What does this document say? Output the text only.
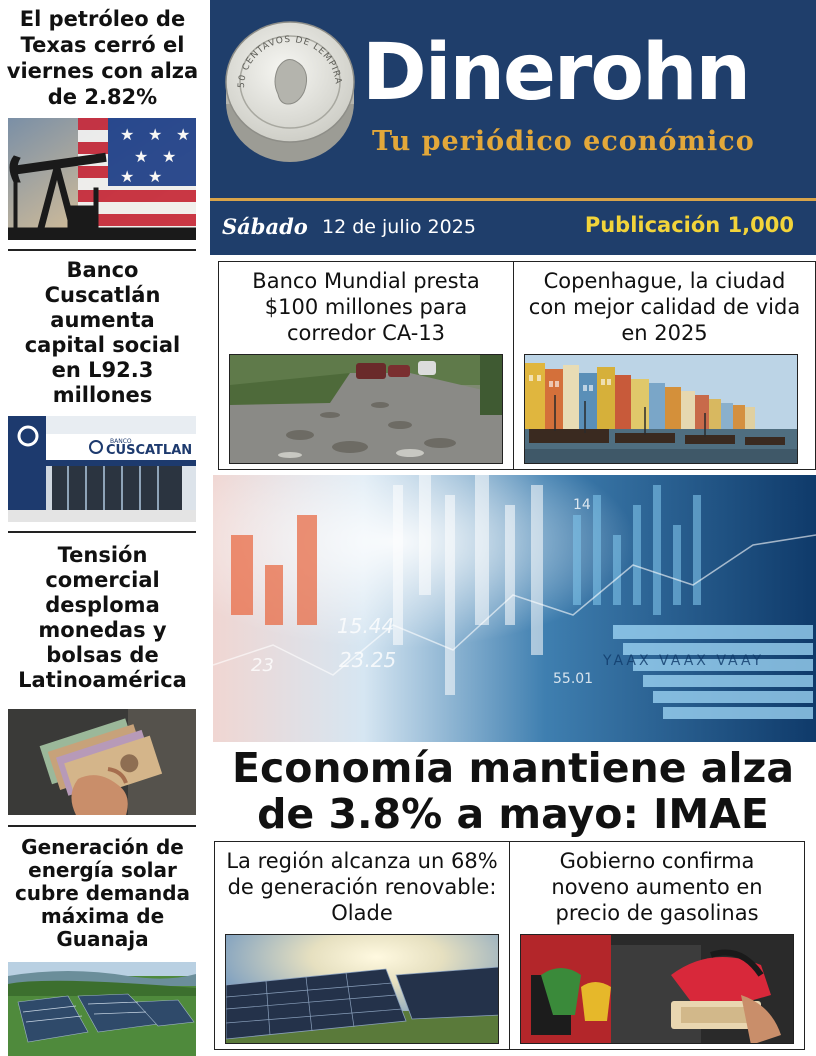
El petróleo de Texas cerró el viernes con alza de 2.82%
★ ★ ★
★ ★
★ ★
Banco Cuscatlán aumenta capital social en L92.3 millones
CUSCATLAN
BANCO
Tensión comercial desploma monedas y bolsas de Latinoamérica
Generación de energía solar cubre demanda máxima de Guanaja
50 CENTAVOS DE LEMPIRA Dinerohn
Tu periódico económico
Sábado 12 de julio 2025	Publicación 1,000
Banco Mundial presta $100 millones para corredor CA-13
Copenhague, la ciudad con mejor calidad de vida en 2025
14
15.44
23	23.25
55.01
YAAX VAAX VAAY
Economía mantiene alza de 3.8% a mayo: IMAE
La región alcanza un 68% de generación renovable: Olade
Gobierno confirma noveno aumento en precio de gasolinas
